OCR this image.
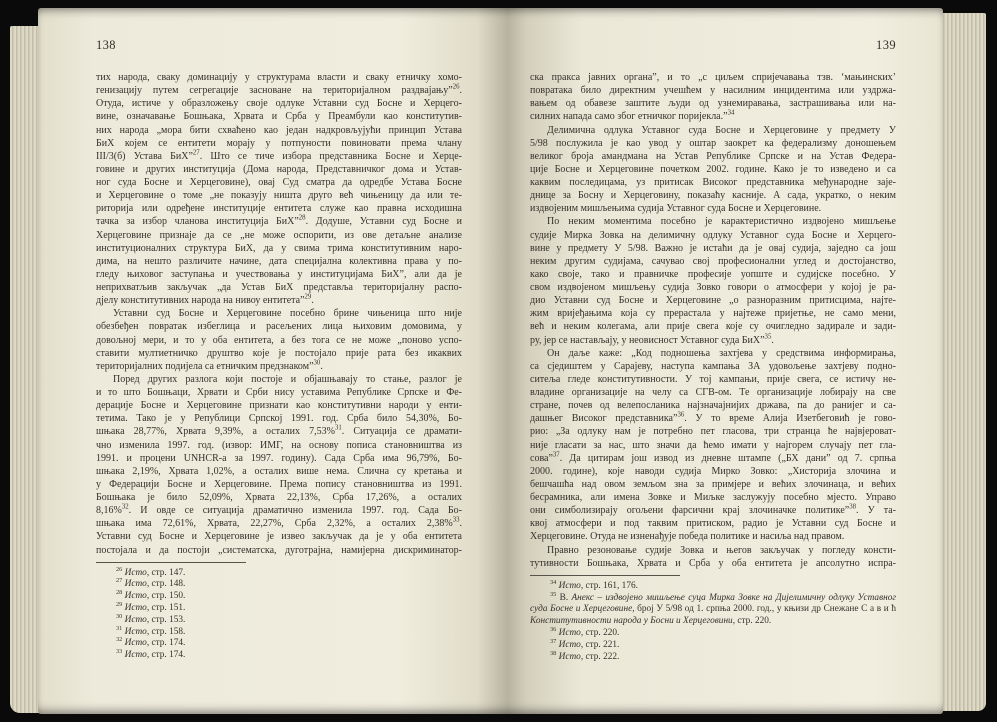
138
тих народа, сваку доминацију у структурама власти и сваку етничку хомо-
генизацију путем сегрегације засноване на територијалном раздвајању”$^{26}$.
Отуда, истиче у образложењу своје одлуке Уставни суд Босне и Херцего-
вине, означавање Бошњака, Хрвата и Срба у Преамбули као конститутив-
них народа „мора бити схваћено као један надкровљујући принцип Устава
БиХ којем се ентитети морају у потпуности повиновати према члану
III/3(б) Устава БиХ”$^{27}$. Што се тиче избора представника Босне и Херце-
говине и других институција (Дома народа, Представничког дома и Устав-
ног суда Босне и Херцеговине), овај Суд сматра да одредбе Устава Босне
и Херцеговине о томе „не показују ништа друго већ чињеницу да или те-
риторија или одређене институције ентитета служе као правна исходишна
тачка за избор чланова институција БиХ”$^{28}$. Додуше, Уставни суд Босне и
Херцеговине признаје да се „не може оспорити, из ове детаљне анализе
институционалних структура БиХ, да у свима трима конститутивним наро-
дима, на нешто различите начине, дата специјална колективна права у по-
гледу њиховог заступања и учествовања у институцијама БиХ”, али да је
неприхватљив закључак „да Устав БиХ представља територијалну распо-
дјелу конститутивних народа на нивоу ентитета”$^{29}$.
Уставни суд Босне и Херцеговине посебно брине чињеница што није
обезбеђен повратак избеглица и расељених лица њиховим домовима, у
довољној мери, и то у оба ентитета, а без тога се не може „поново успо-
ставити мултиетничко друштво које је постојало прије рата без икаквих
територијалних подијела са етничким предзнаком”$^{30}$.
Поред других разлога који постоје и објашњавају то стање, разлог је
и то што Бошњаци, Хрвати и Срби нису уставима Републике Српске и Фе-
дерације Босне и Херцеговине признати као конститутивни народи у енти-
тетима. Тако је у Републици Српској 1991. год. Срба било 54,30%, Бо-
шњака 28,77%, Хрвата 9,39%, а осталих 7,53%$^{31}$. Ситуација се драмати-
чно изменила 1997. год. (извор: ИМГ, на основу пописа становништва из
1991. и процени UNHCR-а за 1997. годину). Сада Срба има 96,79%, Бо-
шњака 2,19%, Хрвата 1,02%, а осталих више нема. Слична су кретања и
у Федерацији Босне и Херцеговине. Према попису становништва из 1991.
Бошњака је било 52,09%, Хрвата 22,13%, Срба 17,26%, а осталих
8,16%$^{32}$. И овде се ситуација драматично изменила 1997. год. Сада Бо-
шњака има 72,61%, Хрвата, 22,27%, Срба 2,32%, а осталих 2,38%$^{33}$.
Уставни суд Босне и Херцеговине је извео закључак да је у оба ентитета
постојала и да постоји „систематска, дуготрајна, намијерна дискриминатор-
$^{26}$ Исто, стр. 147.
$^{27}$ Исто, стр. 148.
$^{28}$ Исто, стр. 150.
$^{29}$ Исто, стр. 151.
$^{30}$ Исто, стр. 153.
$^{31}$ Исто, стр. 158.
$^{32}$ Исто, стр. 174.
$^{33}$ Исто, стр. 174.
139
ска пракса јавних органа”, и то „с циљем спријечавања тзв. ‘мањинских’
повратака било директним учешћем у насилним инцидентима или уздржа-
вањем од обавезе заштите људи од узнемиравања, застрашивања или на-
силних напада само због етничког поријекла.”$^{34}$
Делимична одлука Уставног суда Босне и Херцеговине у предмету У
5/98 послужила је као увод у оштар заокрет ка федерализму доношењем
великог броја амандмана на Устав Републике Српске и на Устав Федера-
ције Босне и Херцеговине почетком 2002. године. Како је то изведено и са
каквим последицама, уз притисак Високог представника међународне заје-
днице за Босну и Херцеговину, показаћу касније. А сада, укратко, о неким
издвојеним мишљењима судија Уставног суда Босне и Херцеговине.
По неким моментима посебно је карактеристично издвојено мишљење
судије Мирка Зовка на делимичну одлуку Уставног суда Босне и Херцего-
вине у предмету У 5/98. Важно је истаћи да је овај судија, заједно са још
неким другим судијама, сачувао свој професионални углед и достојанство,
како своје, тако и правничке професије уопште и судијске посебно. У
свом издвојеном мишљењу судија Зовко говори о атмосфери у којој је ра-
дио Уставни суд Босне и Херцеговине „о разноразним притисцима, најте-
жим вријеђањима која су прерастала у најтеже пријетње, не само мени,
већ и неким колегама, али прије свега које су очигледно задирале и зади-
ру, јер се настављају, у неовисност Уставног суда БиХ”$^{35}$.
Он даље каже: „Код подношења захтјева у средствима информирања,
са сједиштем у Сарајеву, наступа кампања ЗА удовољење захтјеву подно-
ситеља гледе конститутивности. У тој кампањи, прије свега, се истичу не-
владине организације на челу са СГВ-ом. Те организације лобирају на све
стране, почев од велепосланика најзначајнијих држава, па до ранијег и са-
дашњег Високог представника”$^{36}$. У то време Алија Изетбеговић је гово-
рио: „За одлуку нам је потребно пет гласова, три странца ће највјероват-
није гласати за нас, што значи да ћемо имати у најгорем случају пет гла-
сова”$^{37}$. Да цитирам још извод из дневне штампе („БХ дани” од 7. српња
2000. године), које наводи судија Мирко Зовко: „Хисторија злочина и
бешчашћа над овом земљом зна за примјере и већих злочинаца, и већих
бесрамника, али имена Зовке и Миљке заслужују посебно мјесто. Управо
они симболизирају огољени фарсични крај злочиначке политике”$^{38}$. У та-
квој атмосфери и под таквим притиском, радио је Уставни суд Босне и
Херцеговине. Отуда не изненађује победа политике и насиља над правом.
Правно резоновање судије Зовка и његов закључак у погледу консти-
тутивности Бошњака, Хрвата и Срба у оба ентитета је апсолутно испра-
$^{34}$ Исто, стр. 161, 176.
$^{35}$ В. Анекс – издвојено мишљење суца Мирка Зовке на Дијелимичну одлуку Уставног суда Босне и Херцеговине, број У 5/98 од 1. српња 2000. год., у књизи др Снежане С а в и ћ Конститутивности народа у Босни и Херцеговини, стр. 220.
$^{36}$ Исто, стр. 220.
$^{37}$ Исто, стр. 221.
$^{38}$ Исто, стр. 222.
